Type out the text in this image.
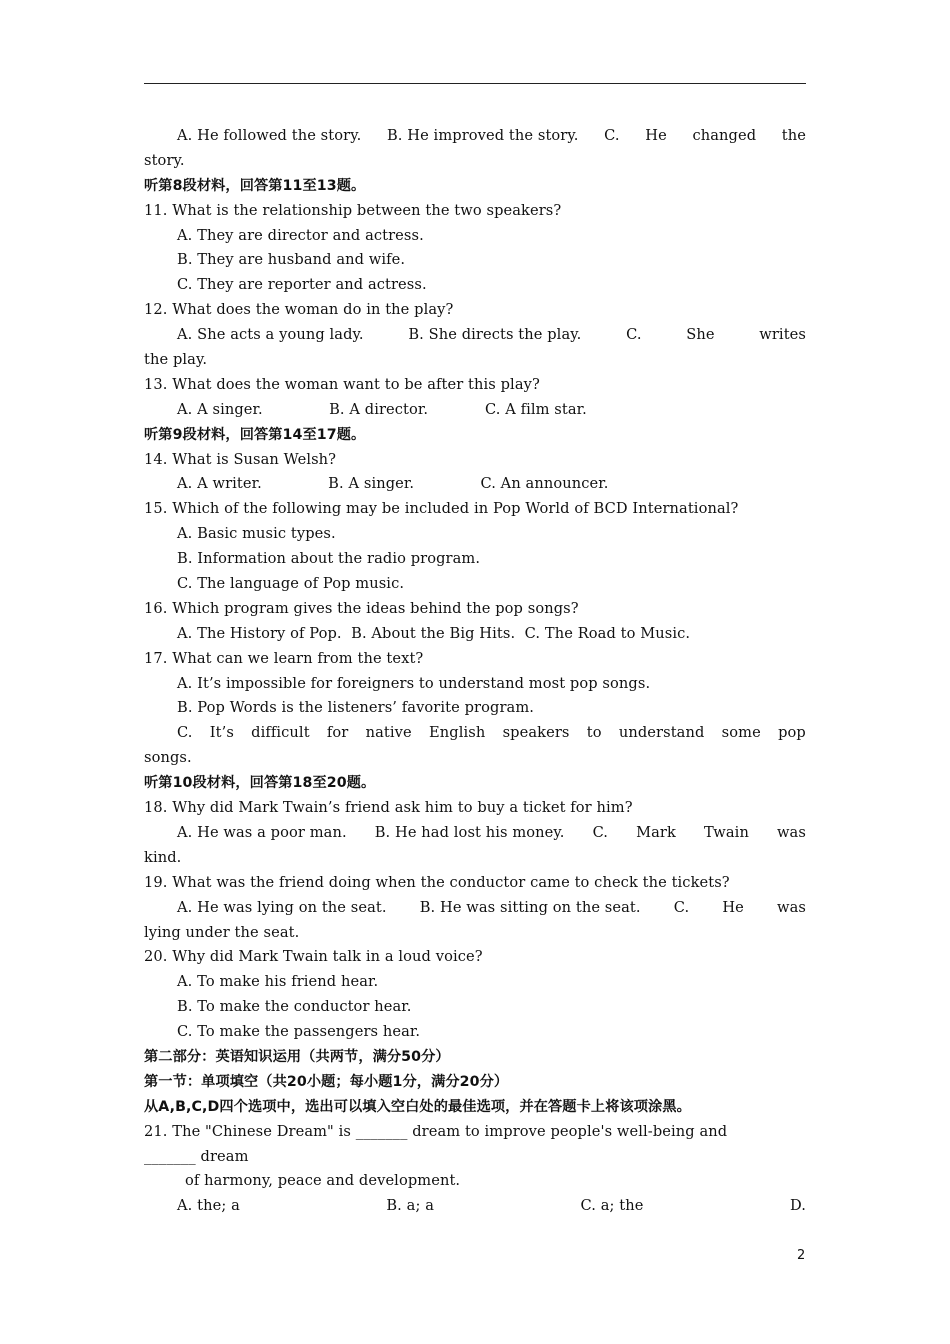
A. He followed the story. B. He improved the story. C. He changed the
story.
听第8段材料，回答第11至13题。
11. What is the relationship between the two speakers?
A. They are director and actress.
B. They are husband and wife.
C. They are reporter and actress.
12. What does the woman do in the play?
A. She acts a young lady.	B. She directs the play.	C.	She	writes
the play.
13. What does the woman want to be after this play?
A. A singer.              B. A director.            C. A film star.
听第9段材料，回答第14至17题。
14. What is Susan Welsh?
A. A writer.              B. A singer.              C. An announcer.
15. Which of the following may be included in Pop World of BCD International?
A. Basic music types.
B. Information about the radio program.
C. The language of Pop music.
16. Which program gives the ideas behind the pop songs?
A. The History of Pop.  B. About the Big Hits.  C. The Road to Music.
17. What can we learn from the text?
A. It’s impossible for foreigners to understand most pop songs.
B. Pop Words is the listeners’ favorite program.
C. It’s difficult for native English speakers to understand some pop
songs.
听第10段材料，回答第18至20题。
18. Why did Mark Twain’s friend ask him to buy a ticket for him?
A. He was a poor man. B. He had lost his money. C. Mark Twain was
kind.
19. What was the friend doing when the conductor came to check the tickets?
A. He was lying on the seat. B. He was sitting on the seat. C. He was
lying under the seat.
20. Why did Mark Twain talk in a loud voice?
A. To make his friend hear.
B. To make the conductor hear.
C. To make the passengers hear.
第二部分：英语知识运用（共两节，满分50分）
第一节：单项填空（共20小题；每小题1分，满分20分）
从A,B,C,D四个选项中，选出可以填入空白处的最佳选项，并在答题卡上将该项涂黑。
21. The "Chinese Dream" is _______ dream to improve people's well-being and
_______ dream
of harmony, peace and development.
A. the; a	B. a; a	C. a; the	D.
2
